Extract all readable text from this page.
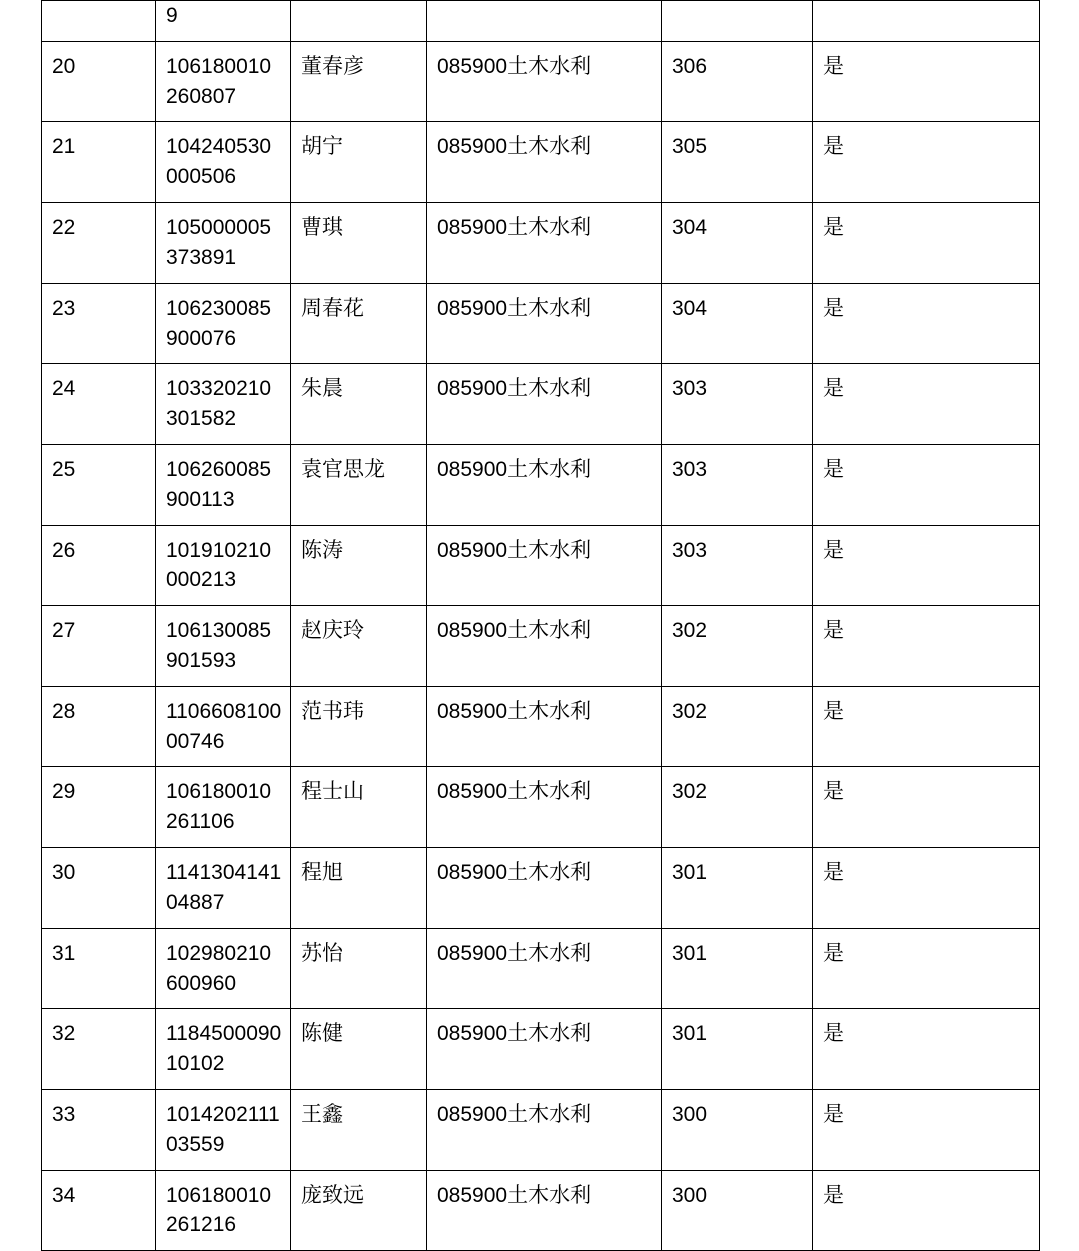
	9				
20	106180010260807	董春彦	085900土木水利	306	是
21	104240530000506	胡宁	085900土木水利	305	是
22	105000005373891	曹琪	085900土木水利	304	是
23	106230085900076	周春花	085900土木水利	304	是
24	103320210301582	朱晨	085900土木水利	303	是
25	106260085900113	袁官思龙	085900土木水利	303	是
26	101910210000213	陈涛	085900土木水利	303	是
27	106130085901593	赵庆玲	085900土木水利	302	是
28	110660810000746	范书玮	085900土木水利	302	是
29	106180010261106	程士山	085900土木水利	302	是
30	114130414104887	程旭	085900土木水利	301	是
31	102980210600960	苏怡	085900土木水利	301	是
32	118450009010102	陈健	085900土木水利	301	是
33	101420211103559	王鑫	085900土木水利	300	是
34	106180010261216	庞致远	085900土木水利	300	是
